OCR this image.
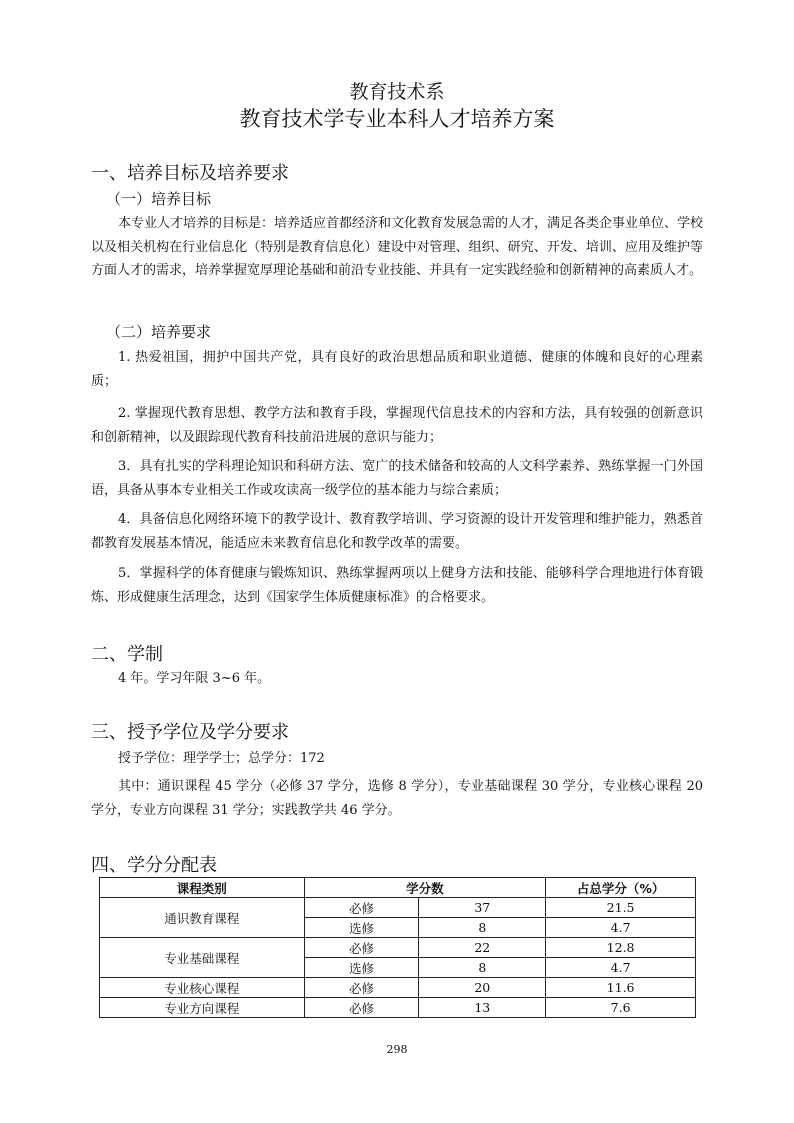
教育技术系
教育技术学专业本科人才培养方案
一、培养目标及培养要求
（一）培养目标

本专业人才培养的目标是：培养适应首都经济和文化教育发展急需的人才，满足各类企事业单位、学校以及相关机构在行业信息化（特别是教育信息化）建设中对管理、组织、研究、开发、培训、应用及维护等方面人才的需求，培养掌握宽厚理论基础和前沿专业技能、并具有一定实践经验和创新精神的高素质人才。

（二）培养要求

1. 热爱祖国，拥护中国共产党，具有良好的政治思想品质和职业道德、健康的体魄和良好的心理素质；

2. 掌握现代教育思想、教学方法和教育手段，掌握现代信息技术的内容和方法，具有较强的创新意识和创新精神，以及跟踪现代教育科技前沿进展的意识与能力；

3．具有扎实的学科理论知识和科研方法、宽广的技术储备和较高的人文科学素养、熟练掌握一门外国语，具备从事本专业相关工作或攻读高一级学位的基本能力与综合素质；

4．具备信息化网络环境下的教学设计、教育教学培训、学习资源的设计开发管理和维护能力，熟悉首都教育发展基本情况，能适应未来教育信息化和教学改革的需要。

5．掌握科学的体育健康与锻炼知识、熟练掌握两项以上健身方法和技能、能够科学合理地进行体育锻炼、形成健康生活理念，达到《国家学生体质健康标准》的合格要求。

二、学制

4 年。学习年限 3~6 年。

三、授予学位及学分要求

授予学位：理学学士；总学分：172

其中：通识课程 45 学分（必修 37 学分，选修 8 学分），专业基础课程 30 学分，专业核心课程 20 学分，专业方向课程 31 学分；实践教学共 46 学分。

四、学分分配表
课程类别	学分数		占总学分（%）
通识教育课程	必修	37	21.5
	选修	8	4.7
专业基础课程	必修	22	12.8
	选修	8	4.7
专业核心课程	必修	20	11.6
专业方向课程	必修	13	7.6
298
